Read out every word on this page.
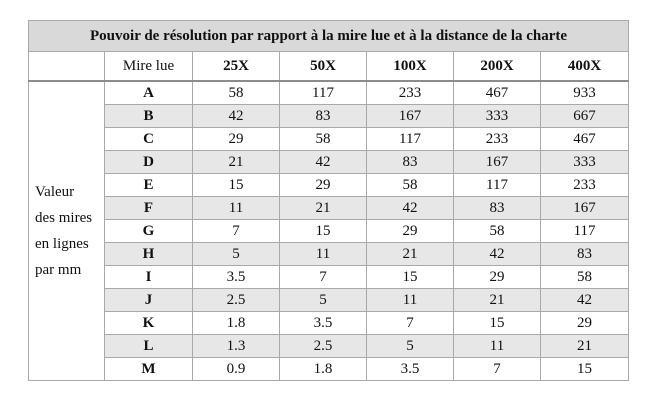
Pouvoir de résolution par rapport à la mire lue et à la distance de la charte						
	Mire lue	25X	50X	100X	200X	400X

Valeur
des mires
en lignes
par mm	A	58	117	233	467	933
	B	42	83	167	333	667
	C	29	58	117	233	467
	D	21	42	83	167	333
	E	15	29	58	117	233
	F	11	21	42	83	167
	G	7	15	29	58	117
	H	5	11	21	42	83
	I	3.5	7	15	29	58
	J	2.5	5	11	21	42
	K	1.8	3.5	7	15	29
	L	1.3	2.5	5	11	21
	M	0.9	1.8	3.5	7	15
